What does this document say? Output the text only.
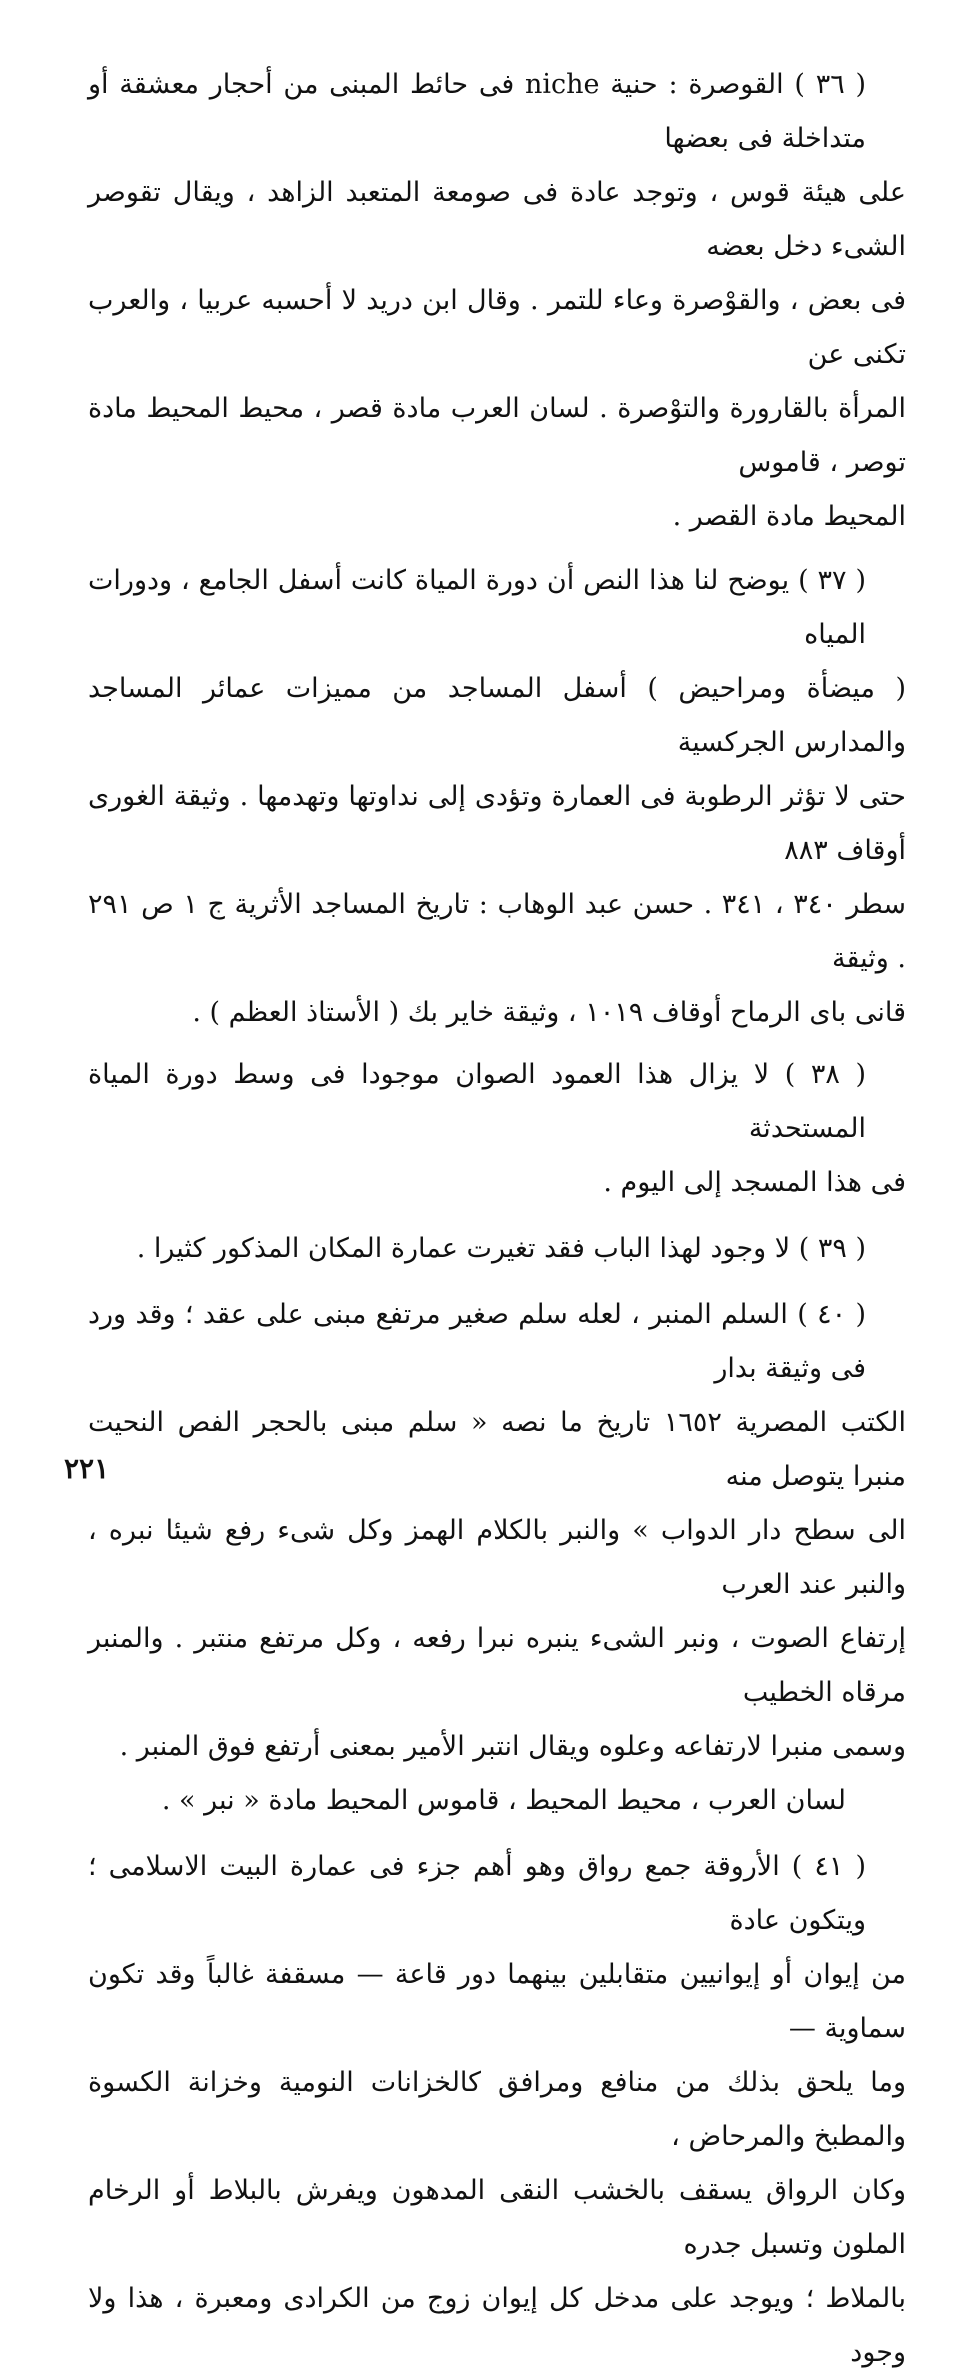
( ٣٦ ) القوصرة : حنية niche فى حائط المبنى من أحجار معشقة أو متداخلة فى بعضها

على هيئة قوس ، وتوجد عادة فى صومعة المتعبد الزاهد ، ويقال تقوصر الشىء دخل بعضه

فى بعض ، والقوْصرة وعاء للتمر . وقال ابن دريد لا أحسبه عربيا ، والعرب تكنى عن

المرأة بالقارورة والتوْصرة . لسان العرب مادة قصر ، محيط المحيط مادة توصر ، قاموس

المحيط مادة القصر .

( ٣٧ ) يوضح لنا هذا النص أن دورة المياة كانت أسفل الجامع ، ودورات المياه

( ميضأة ومراحيض ) أسفل المساجد من مميزات عمائر المساجد والمدارس الجركسية

حتى لا تؤثر الرطوبة فى العمارة وتؤدى إلى نداوتها وتهدمها . وثيقة الغورى أوقاف ٨٨٣

سطر ٣٤٠ ، ٣٤١ . حسن عبد الوهاب : تاريخ المساجد الأثرية ج ١ ص ٢٩١ . وثيقة

قانى باى الرماح أوقاف ١٠١٩ ، وثيقة خاير بك ( الأستاذ العظم ) .

( ٣٨ ) لا يزال هذا العمود الصوان موجودا فى وسط دورة المياة المستحدثة

فى هذا المسجد إلى اليوم .

( ٣٩ ) لا وجود لهذا الباب فقد تغيرت عمارة المكان المذكور كثيرا .

( ٤٠ ) السلم المنبر ، لعله سلم صغير مرتفع مبنى على عقد ؛ وقد ورد فى وثيقة بدار

الكتب المصرية ١٦٥٢ تاريخ ما نصه « سلم مبنى بالحجر الفص النحيت منبرا يتوصل منه

الى سطح دار الدواب » والنبر بالكلام الهمز وكل شىء رفع شيئا نبره ، والنبر عند العرب

إرتفاع الصوت ، ونبر الشىء ينبره نبرا رفعه ، وكل مرتفع منتبر . والمنبر مرقاه الخطيب

وسمى منبرا لارتفاعه وعلوه ويقال انتبر الأمير بمعنى أرتفع فوق المنبر .

لسان العرب ، محيط المحيط ، قاموس المحيط مادة « نبر » .

( ٤١ ) الأروقة جمع رواق وهو أهم جزء فى عمارة البيت الاسلامى ؛ ويتكون عادة

من إيوان أو إيوانيين متقابلين بينهما دور قاعة — مسقفة غالباً وقد تكون سماوية —

وما يلحق بذلك من منافع ومرافق كالخزانات النومية وخزانة الكسوة والمطبخ والمرحاض ،

وكان الرواق يسقف بالخشب النقى المدهون ويفرش بالبلاط أو الرخام الملون وتسبل جدره

بالملاط ؛ ويوجد على مدخل كل إيوان زوج من الكرادى ومعبرة ، هذا ولا وجود

٢٢١
